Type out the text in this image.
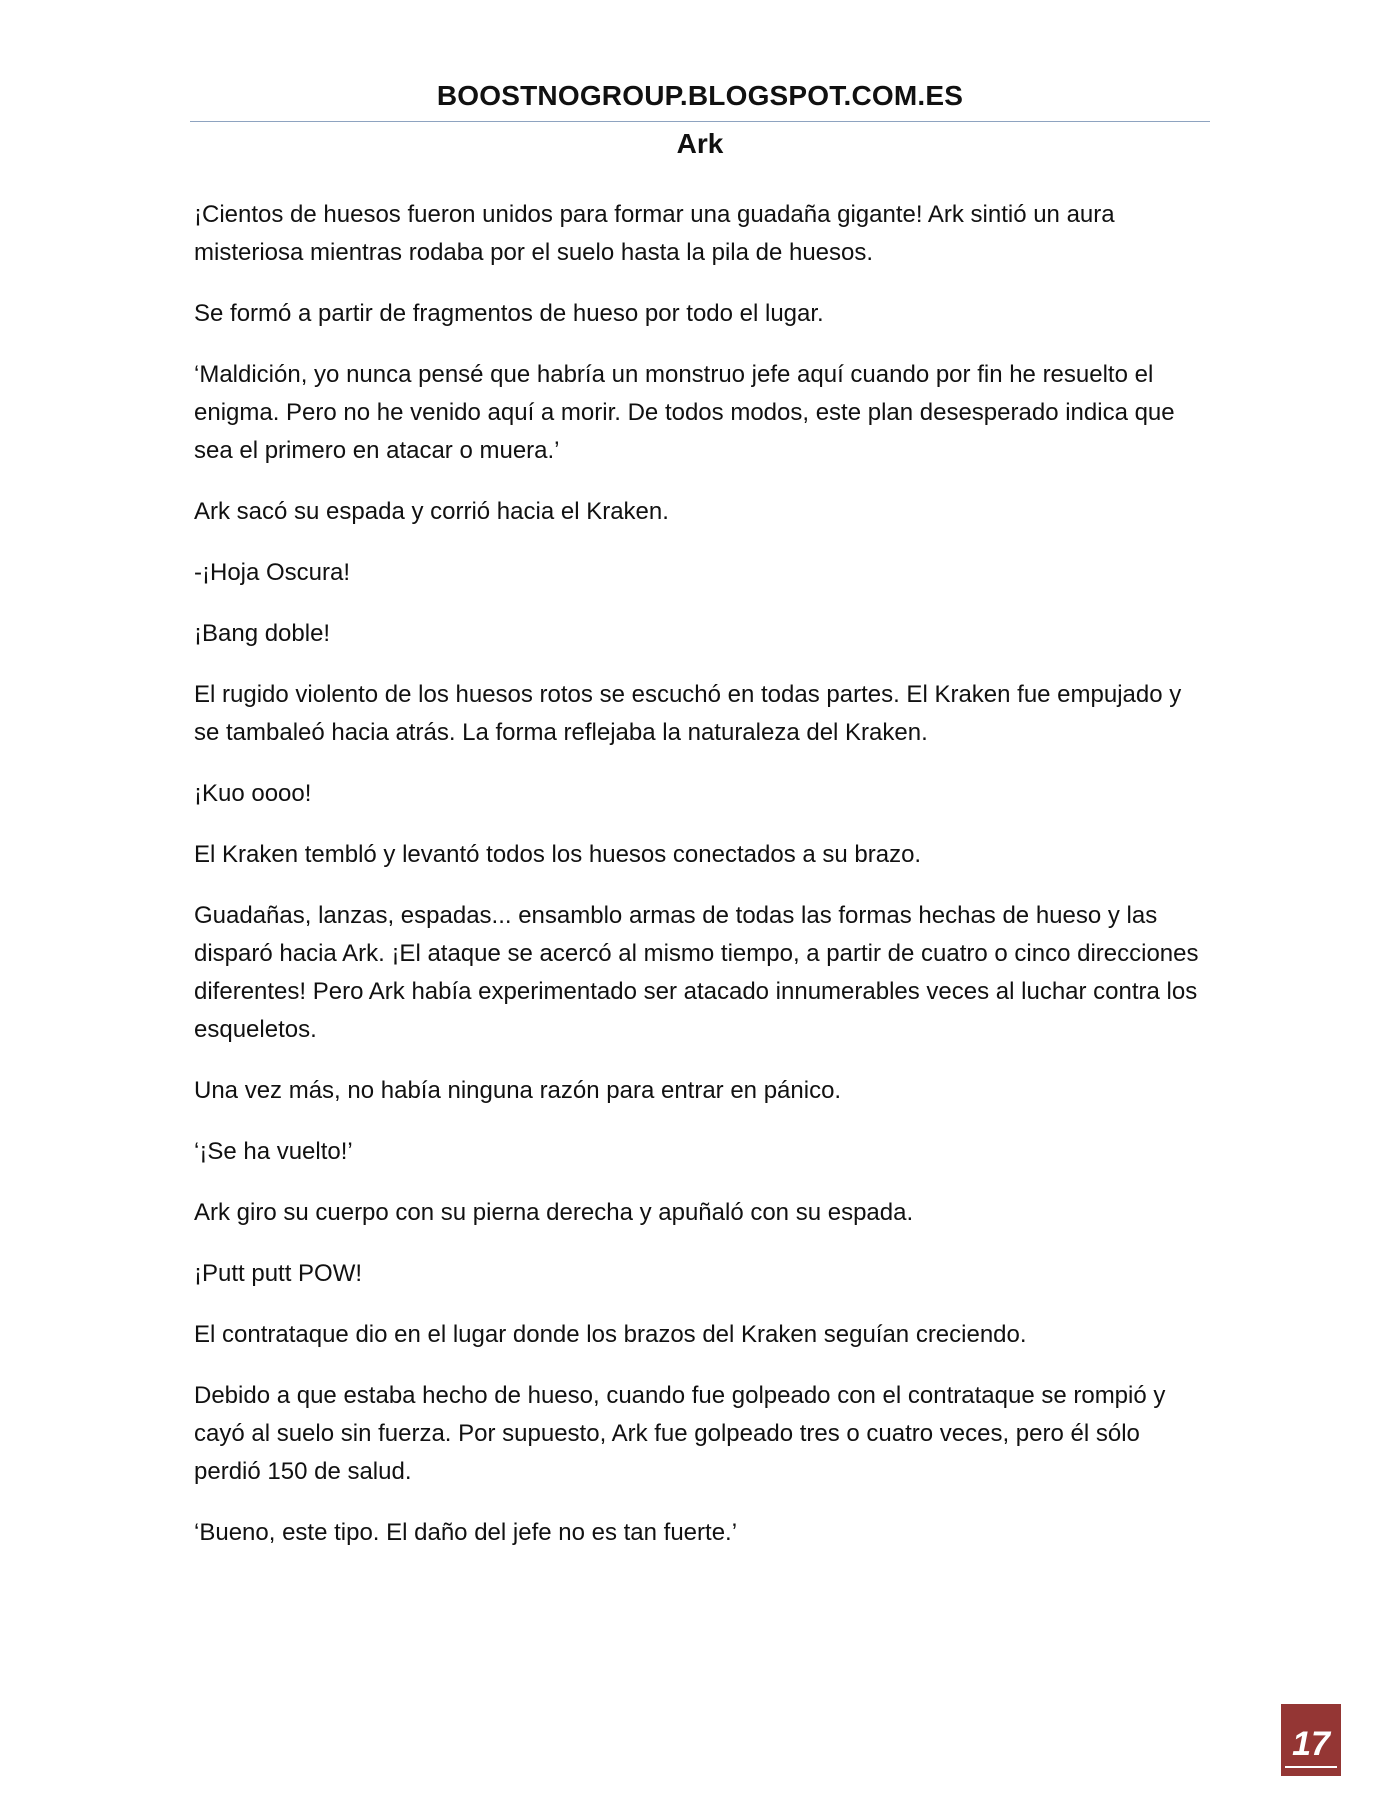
BOOSTNOGROUP.BLOGSPOT.COM.ES
Ark

¡Cientos de huesos fueron unidos para formar una guadaña gigante! Ark sintió un aura misteriosa mientras rodaba por el suelo hasta la pila de huesos.

Se formó a partir de fragmentos de hueso por todo el lugar.

‘Maldición, yo nunca pensé que habría un monstruo jefe aquí cuando por fin he resuelto el enigma. Pero no he venido aquí a morir. De todos modos, este plan desesperado indica que sea el primero en atacar o muera.’

Ark sacó su espada y corrió hacia el Kraken.

-¡Hoja Oscura!

¡Bang doble!

El rugido violento de los huesos rotos se escuchó en todas partes. El Kraken fue empujado y se tambaleó hacia atrás. La forma reflejaba la naturaleza del Kraken.

¡Kuo oooo!

El Kraken tembló y levantó todos los huesos conectados a su brazo.

Guadañas, lanzas, espadas... ensamblo armas de todas las formas hechas de hueso y las disparó hacia Ark. ¡El ataque se acercó al mismo tiempo, a partir de cuatro o cinco direcciones diferentes! Pero Ark había experimentado ser atacado innumerables veces al luchar contra los esqueletos.

Una vez más, no había ninguna razón para entrar en pánico.

‘¡Se ha vuelto!’

Ark giro su cuerpo con su pierna derecha y apuñaló con su espada.

¡Putt putt POW!

El contrataque dio en el lugar donde los brazos del Kraken seguían creciendo.

Debido a que estaba hecho de hueso, cuando fue golpeado con el contrataque se rompió y cayó al suelo sin fuerza. Por supuesto, Ark fue golpeado tres o cuatro veces, pero él sólo perdió 150 de salud.

‘Bueno, este tipo. El daño del jefe no es tan fuerte.’

17
